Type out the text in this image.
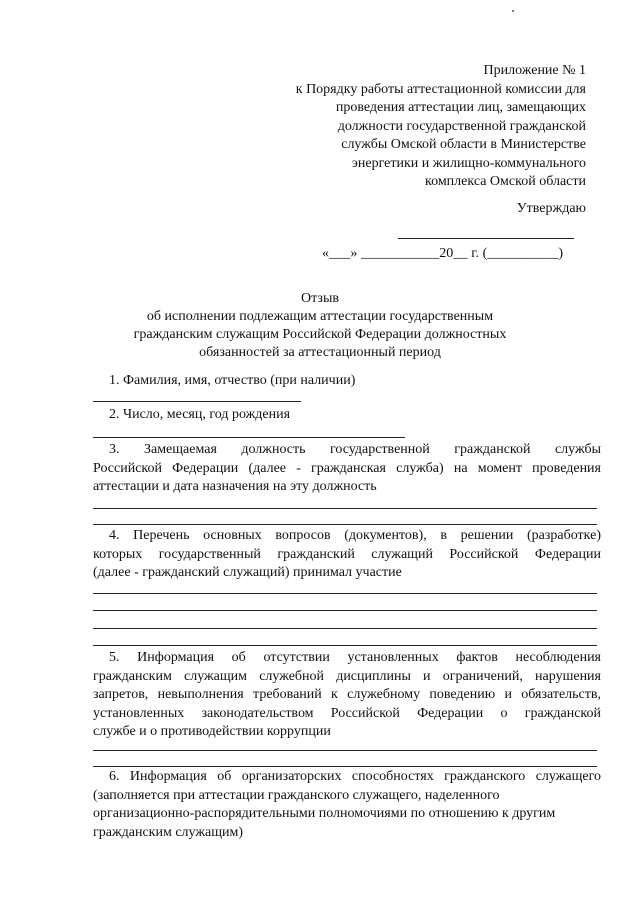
Приложение № 1
к Порядку работы аттестационной комиссии для
проведения аттестации лиц, замещающих
должности государственной гражданской
службы Омской области в Министерстве
энергетики и жилищно-коммунального
комплекса Омской области
Утверждаю
«___» ___________20__ г. (__________)
Отзыв
об исполнении подлежащим аттестации государственным
гражданским служащим Российской Федерации должностных
обязанностей за аттестационный период
1. Фамилия, имя, отчество (при наличии)
2. Число, месяц, год рождения
3. Замещаемая должность государственной гражданской службы
Российской Федерации (далее - гражданская служба) на момент проведения
аттестации и дата назначения на эту должность
4. Перечень основных вопросов (документов), в решении (разработке)
которых государственный гражданский служащий Российской Федерации
(далее - гражданский служащий) принимал участие
5. Информация об отсутствии установленных фактов несоблюдения
гражданским служащим служебной дисциплины и ограничений, нарушения
запретов, невыполнения требований к служебному поведению и обязательств,
установленных законодательством Российской Федерации о гражданской
службе и о противодействии коррупции
6. Информация об организаторских способностях гражданского служащего
(заполняется при аттестации гражданского служащего, наделенного
организационно-распорядительными полномочиями по отношению к другим
гражданским служащим)
